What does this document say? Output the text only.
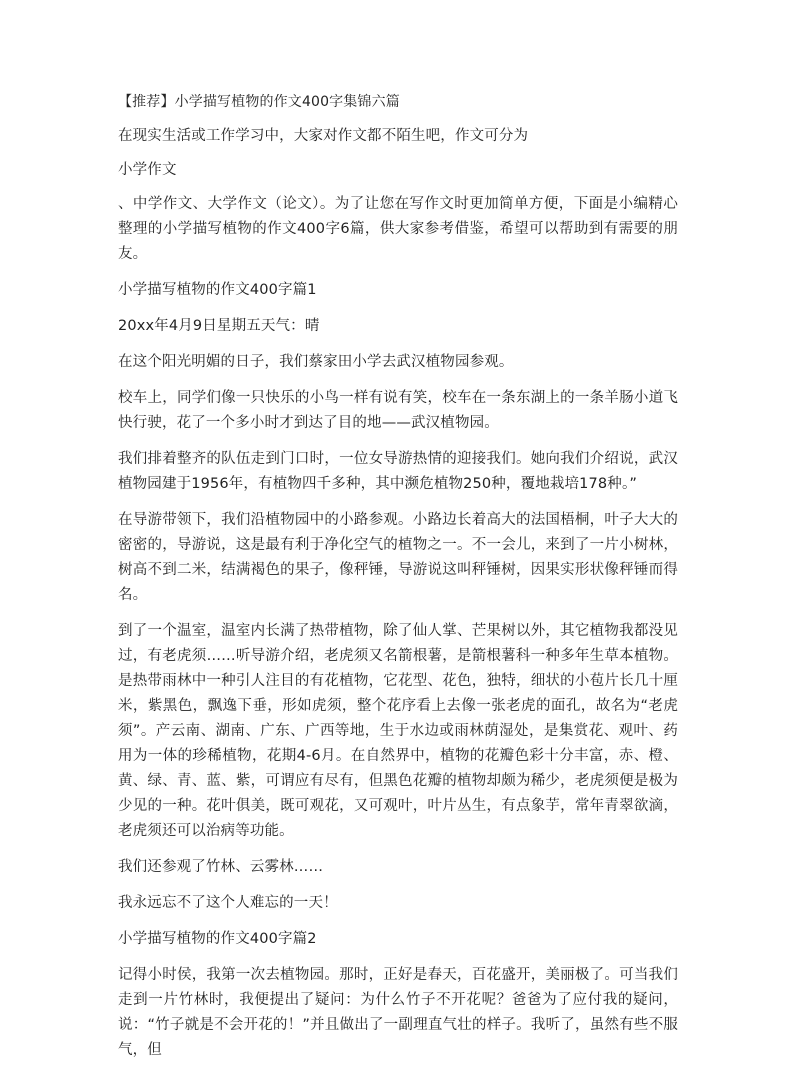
【推荐】小学描写植物的作文400字集锦六篇

在现实生活或工作学习中，大家对作文都不陌生吧，作文可分为

小学作文

、中学作文、大学作文（论文）。为了让您在写作文时更加简单方便，下面是小编精心整理的小学描写植物的作文400字6篇，供大家参考借鉴，希望可以帮助到有需要的朋友。

小学描写植物的作文400字篇1

20xx年4月9日星期五天气：晴

在这个阳光明媚的日子，我们蔡家田小学去武汉植物园参观。

校车上，同学们像一只快乐的小鸟一样有说有笑，校车在一条东湖上的一条羊肠小道飞快行驶，花了一个多小时才到达了目的地——武汉植物园。

我们排着整齐的队伍走到门口时，一位女导游热情的迎接我们。她向我们介绍说，武汉植物园建于1956年，有植物四千多种，其中濒危植物250种，覆地栽培178种。”

在导游带领下，我们沿植物园中的小路参观。小路边长着高大的法国梧桐，叶子大大的密密的，导游说，这是最有利于净化空气的植物之一。不一会儿，来到了一片小树林，树高不到二米，结满褐色的果子，像秤锤，导游说这叫秤锤树，因果实形状像秤锤而得名。

到了一个温室，温室内长满了热带植物，除了仙人掌、芒果树以外，其它植物我都没见过，有老虎须……听导游介绍，老虎须又名箭根薯，是箭根薯科一种多年生草本植物。是热带雨林中一种引人注目的有花植物，它花型、花色，独特，细状的小苞片长几十厘米，紫黑色，飘逸下垂，形如虎须，整个花序看上去像一张老虎的面孔，故名为“老虎须”。产云南、湖南、广东、广西等地，生于水边或雨林荫湿处，是集赏花、观叶、药用为一体的珍稀植物，花期4-6月。在自然界中，植物的花瓣色彩十分丰富，赤、橙、黄、绿、青、蓝、紫，可谓应有尽有，但黑色花瓣的植物却颇为稀少，老虎须便是极为少见的一种。花叶俱美，既可观花，又可观叶，叶片丛生，有点象芋，常年青翠欲滴，老虎须还可以治病等功能。

我们还参观了竹林、云雾林……

我永远忘不了这个人难忘的一天！

小学描写植物的作文400字篇2

记得小时侯，我第一次去植物园。那时，正好是春天，百花盛开，美丽极了。可当我们走到一片竹林时，我便提出了疑问：为什么竹子不开花呢？爸爸为了应付我的疑问，说：“竹子就是不会开花的！”并且做出了一副理直气壮的样子。我听了，虽然有些不服气，但
